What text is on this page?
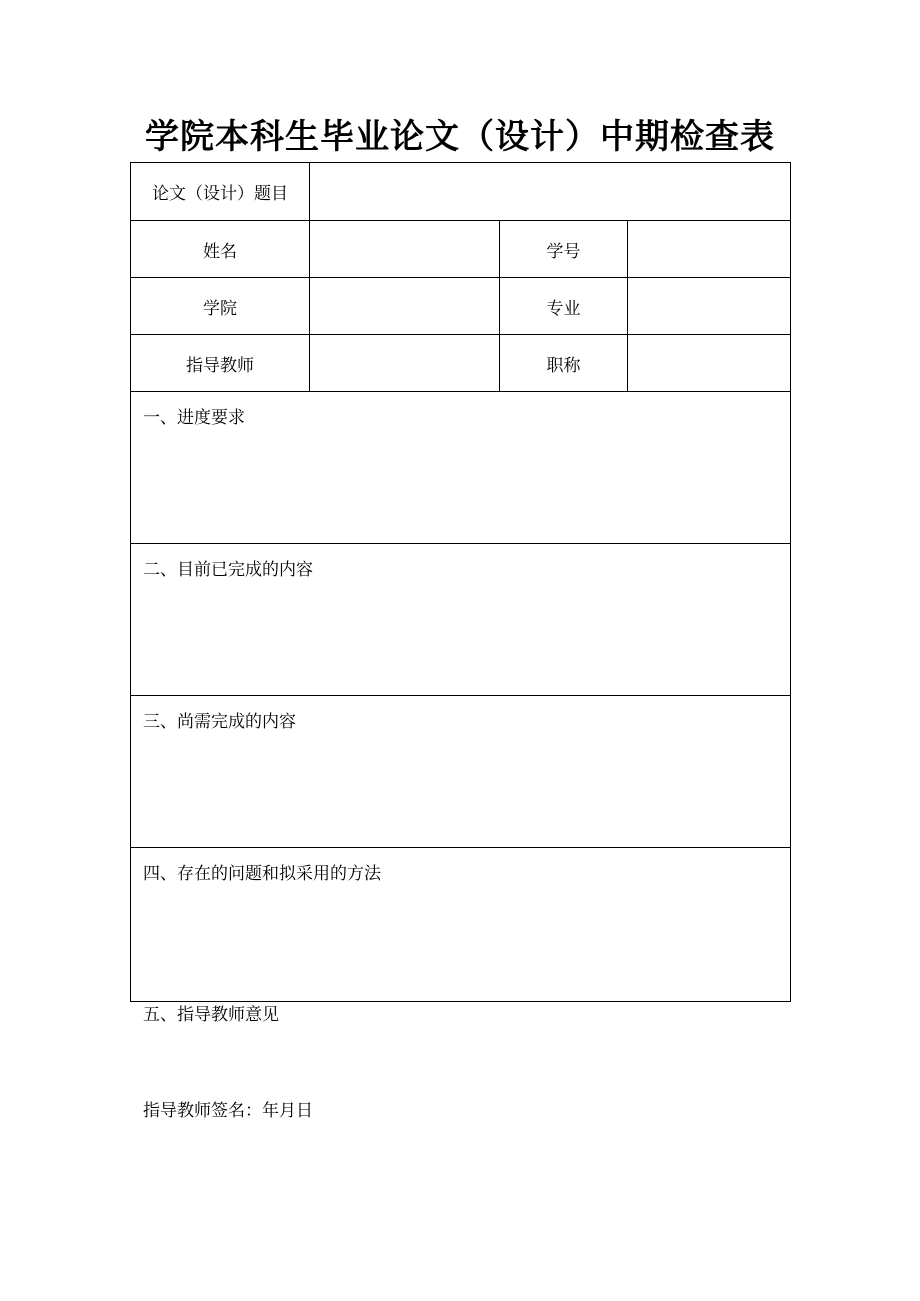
学院本科生毕业论文（设计）中期检查表
论文（设计）题目			
姓名		学号	
学院		专业	
指导教师		职称	

一、进度要求			

二、目前已完成的内容			

三、尚需完成的内容			

四、存在的问题和拟采用的方法			

五、指导教师意见

指导教师签名：年月日
